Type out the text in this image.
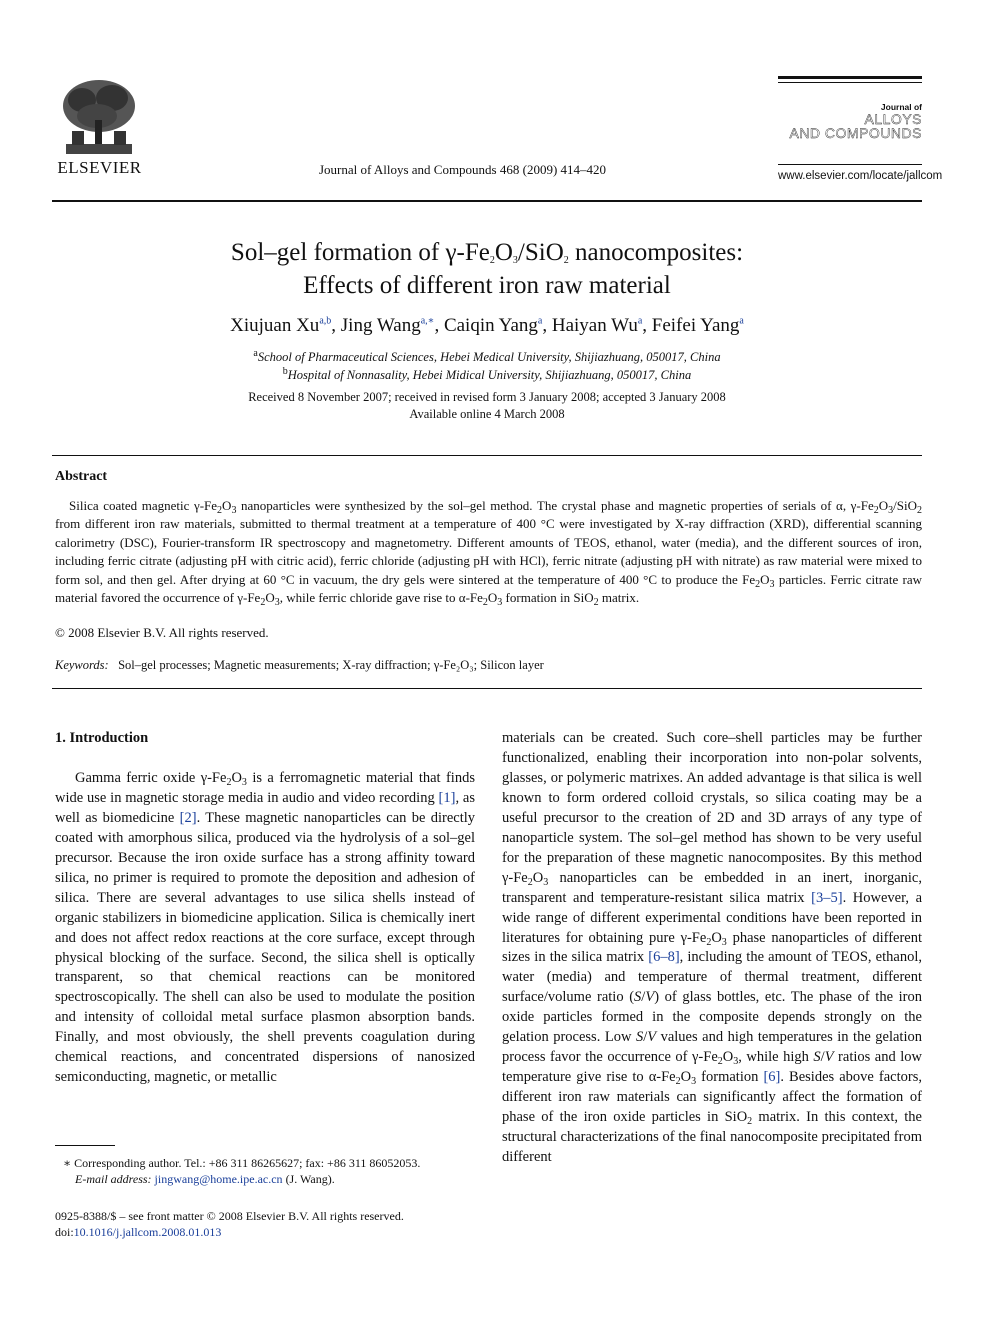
ELSEVIER	Journal of Alloys and Compounds 468 (2009) 414–420
Journal of
ALLOYS
AND COMPOUNDS
www.elsevier.com/locate/jallcom
Sol–gel formation of $\gamma-Fe_2O_3/SiO_2$ nanocomposites:
Effects of different iron raw material
Xiujuan Xu$^{a,b}$, Jing Wang$^{a,∗}$, Caiqin Yang$^a$, Haiyan Wu$^a$, Feifei Yang$^a$
$^a$School of Pharmaceutical Sciences, Hebei Medical University, Shijiazhuang, 050017, China
$^b$Hospital of Nonnasality, Hebei Midical University, Shijiazhuang, 050017, China
Received 8 November 2007; received in revised form 3 January 2008; accepted 3 January 2008
Available online 4 March 2008
Abstract

Silica coated magnetic $\gamma-Fe_2O_3$ nanoparticles were synthesized by the sol–gel method. The crystal phase and magnetic properties of serials of α, $\gamma-Fe_2O_3/SiO_2$ from different iron raw materials, submitted to thermal treatment at a temperature of 400 °C were investigated by X-ray diffraction (XRD), differential scanning calorimetry (DSC), Fourier-transform IR spectroscopy and magnetometry. Different amounts of TEOS, ethanol, water (media), and the different sources of iron, including ferric citrate (adjusting pH with citric acid), ferric chloride (adjusting pH with HCl), ferric nitrate (adjusting pH with nitrate) as raw material were mixed to form sol, and then gel. After drying at 60 °C in vacuum, the dry gels were sintered at the temperature of 400 °C to produce the $Fe_2O_3$ particles. Ferric citrate raw material favored the occurrence of $\gamma-Fe_2O_3$, while ferric chloride gave rise to $\alpha-Fe_2O_3$ formation in SiO$_2$ matrix.

© 2008 Elsevier B.V. All rights reserved.
Keywords: Sol–gel processes; Magnetic measurements; X-ray diffraction; γ-Fe₂O₃; Silicon layer
1. Introduction

Gamma ferric oxide $\gamma-Fe_2O_3$ is a ferromagnetic material that finds wide use in magnetic storage media in audio and video recording [1], as well as biomedicine [2]. These magnetic nanoparticles can be directly coated with amorphous silica, produced via the hydrolysis of a sol–gel precursor. Because the iron oxide surface has a strong affinity toward silica, no primer is required to promote the deposition and adhesion of silica. There are several advantages to use silica shells instead of organic stabilizers in biomedicine application. Silica is chemically inert and does not affect redox reactions at the core surface, except through physical blocking of the surface. Second, the silica shell is optically transparent, so that chemical reactions can be monitored spectroscopically. The shell can also be used to modulate the position and intensity of colloidal metal surface plasmon absorption bands. Finally, and most obviously, the shell prevents coagulation during chemical reactions, and concentrated dispersions of nanosized semiconducting, magnetic, or metallic

materials can be created. Such core–shell particles may be further functionalized, enabling their incorporation into non-polar solvents, glasses, or polymeric matrixes. An added advantage is that silica is well known to form ordered colloid crystals, so silica coating may be a useful precursor to the creation of 2D and 3D arrays of any type of nanoparticle system. The sol–gel method has shown to be very useful for the preparation of these magnetic nanocomposites. By this method $\gamma-Fe_2O_3$ nanoparticles can be embedded in an inert, inorganic, transparent and temperature-resistant silica matrix [3–5]. However, a wide range of different experimental conditions have been reported in literatures for obtaining pure $\gamma-Fe_2O_3$ phase nanoparticles of different sizes in the silica matrix [6–8], including the amount of TEOS, ethanol, water (media) and temperature of thermal treatment, different surface/volume ratio (S/V) of glass bottles, etc. The phase of the iron oxide particles formed in the composite depends strongly on the gelation process. Low S/V values and high temperatures in the gelation process favor the occurrence of $\gamma-Fe_2O_3$, while high S/V ratios and low temperature give rise to $\alpha-Fe_2O_3$ formation [6]. Besides above factors, different iron raw materials can significantly affect the formation of phase of the iron oxide particles in SiO$_2$ matrix. In this context, the structural characterizations of the final nanocomposite precipitated from different

∗ Corresponding author. Tel.: +86 311 86265627; fax: +86 311 86052053.
E-mail address: jingwang@home.ipe.ac.cn (J. Wang).
0925-8388/$ – see front matter © 2008 Elsevier B.V. All rights reserved.
doi:10.1016/j.jallcom.2008.01.013
